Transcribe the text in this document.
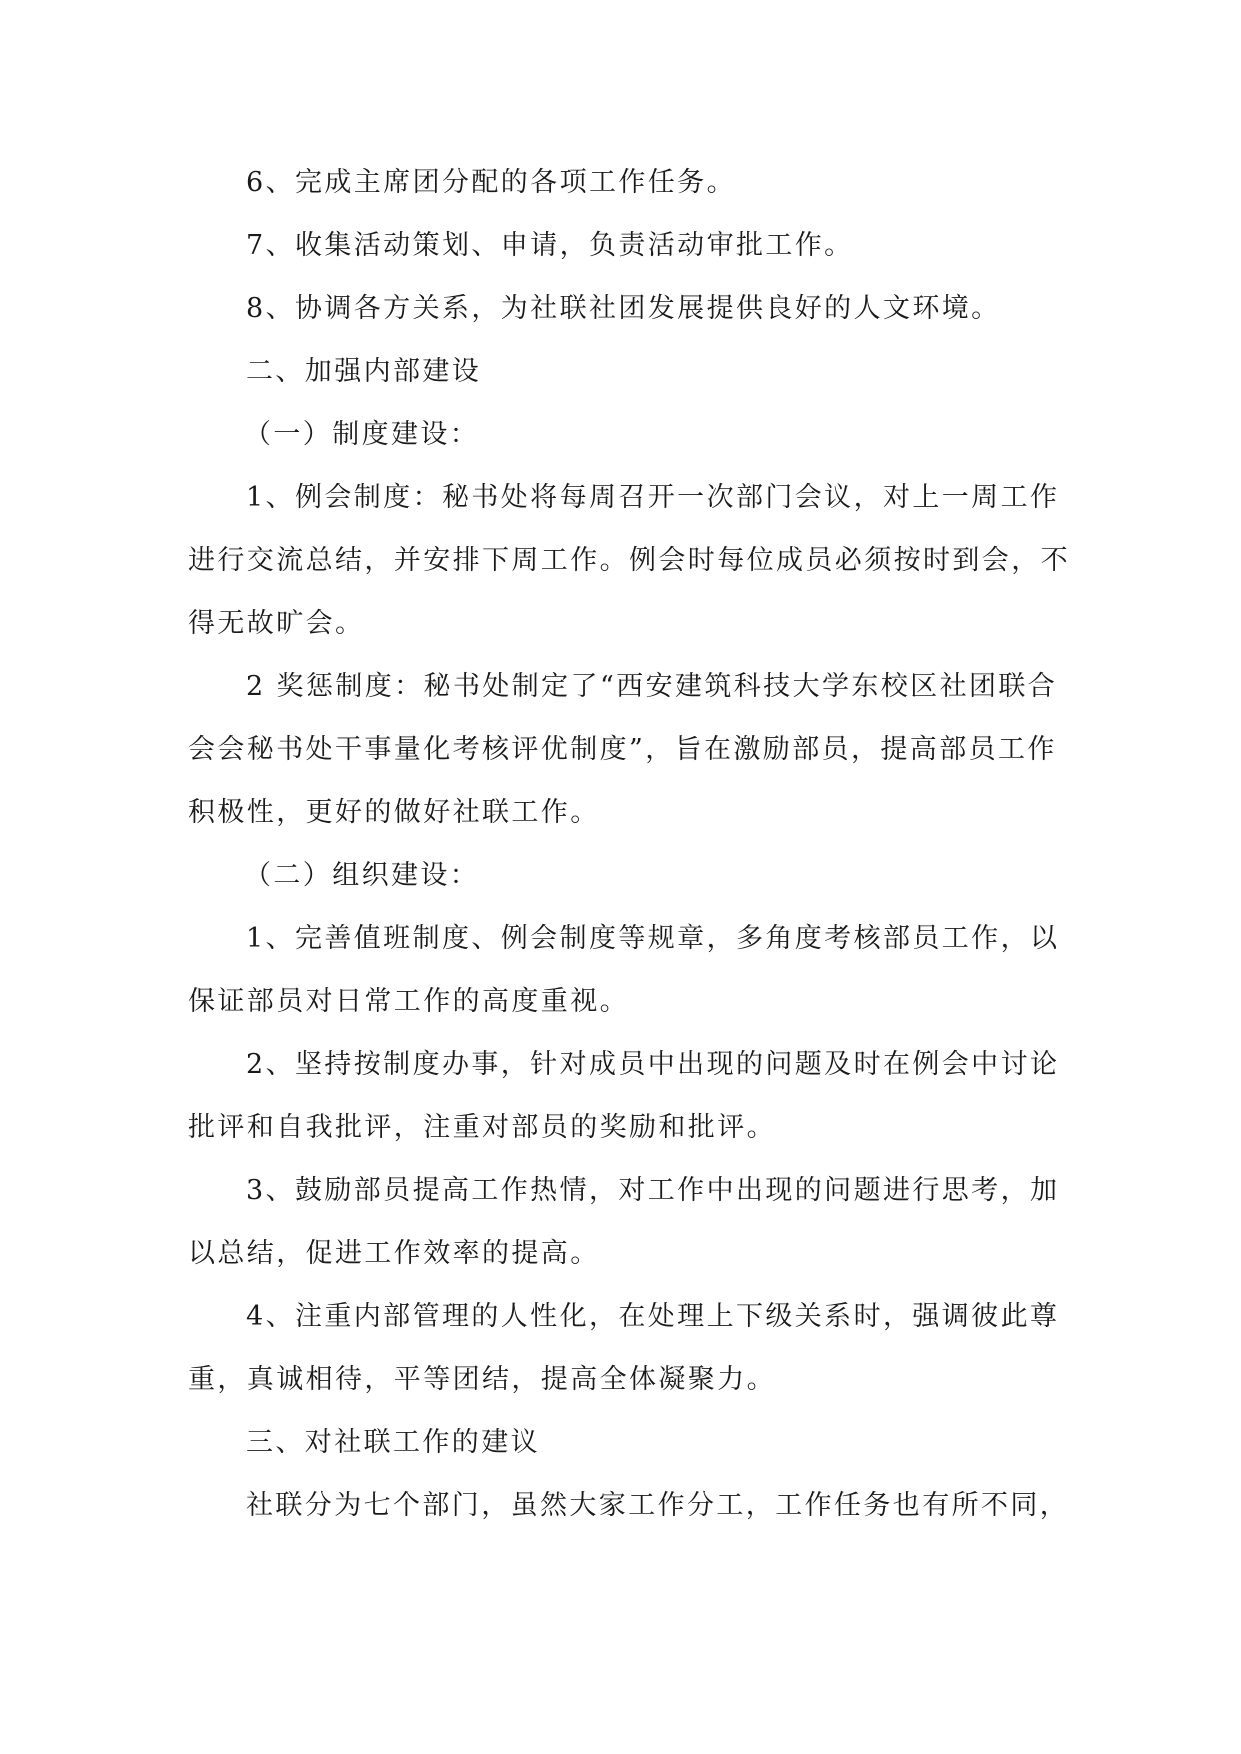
6、完成主席团分配的各项工作任务。

7、收集活动策划、申请，负责活动审批工作。

8、协调各方关系，为社联社团发展提供良好的人文环境。

二、加强内部建设

（一）制度建设：

1、例会制度：秘书处将每周召开一次部门会议，对上一周工作

进行交流总结，并安排下周工作。例会时每位成员必须按时到会，不

得无故旷会。

2 奖惩制度：秘书处制定了“西安建筑科技大学东校区社团联合

会会秘书处干事量化考核评优制度”，旨在激励部员，提高部员工作

积极性，更好的做好社联工作。

（二）组织建设：

1、完善值班制度、例会制度等规章，多角度考核部员工作，以

保证部员对日常工作的高度重视。

2、坚持按制度办事，针对成员中出现的问题及时在例会中讨论

批评和自我批评，注重对部员的奖励和批评。

3、鼓励部员提高工作热情，对工作中出现的问题进行思考，加

以总结，促进工作效率的提高。

4、注重内部管理的人性化，在处理上下级关系时，强调彼此尊

重，真诚相待，平等团结，提高全体凝聚力。

三、对社联工作的建议

社联分为七个部门，虽然大家工作分工，工作任务也有所不同，
